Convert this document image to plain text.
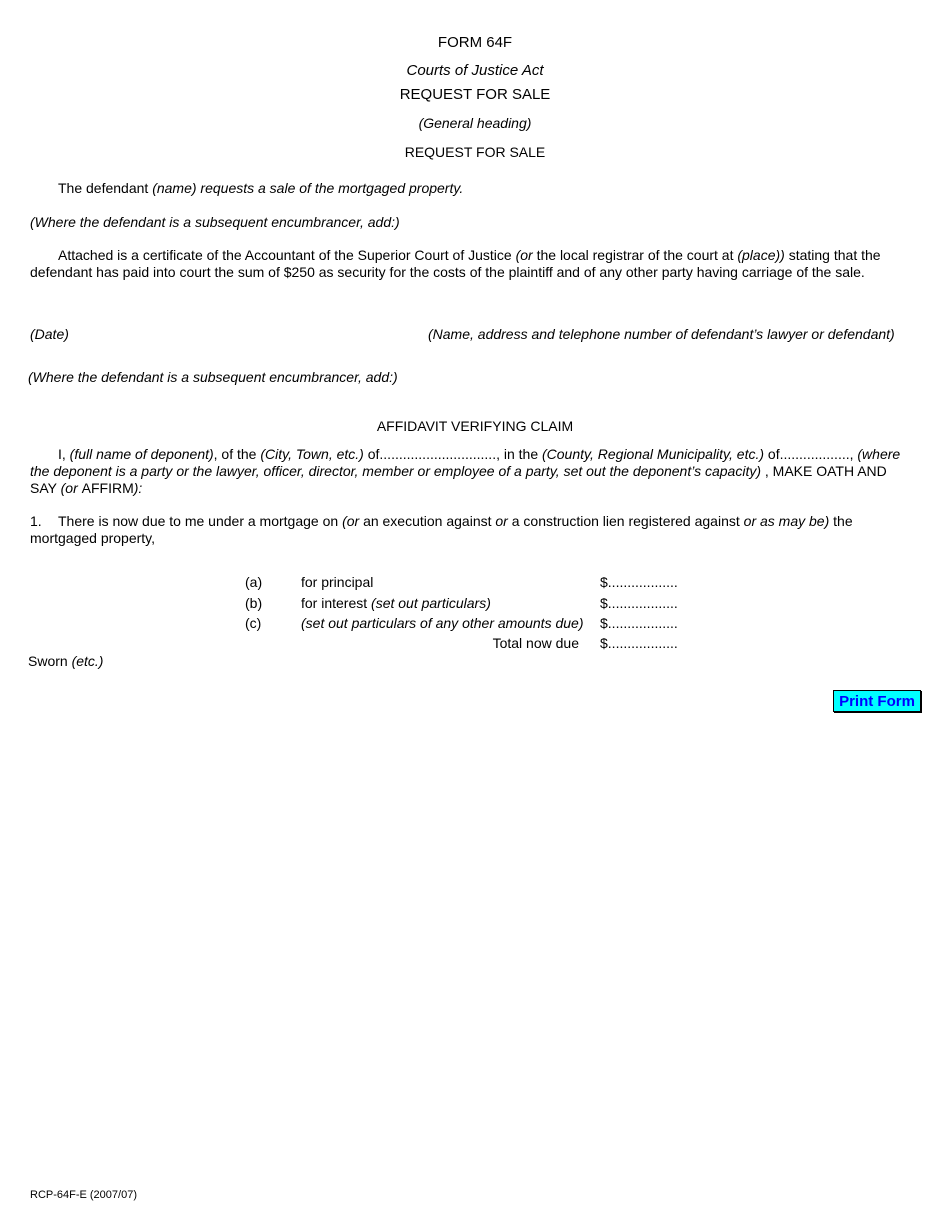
FORM 64F
Courts of Justice Act
REQUEST FOR SALE
(General heading)
REQUEST FOR SALE
The defendant (name) requests a sale of the mortgaged property.
(Where the defendant is a subsequent encumbrancer, add:)
Attached is a certificate of the Accountant of the Superior Court of Justice (or the local registrar of the court at (place)) stating that the defendant has paid into court the sum of $250 as security for the costs of the plaintiff and of any other party having carriage of the sale.
(Date)	(Name, address and telephone number of defendant’s lawyer or defendant)
(Where the defendant is a subsequent encumbrancer, add:)
AFFIDAVIT VERIFYING CLAIM
I, (full name of deponent), of the (City, Town, etc.) of.............................., in the (County, Regional Municipality, etc.) of.................., (where the deponent is a party or the lawyer, officer, director, member or employee of a party, set out the deponent’s capacity) , MAKE OATH AND SAY (or AFFIRM):
1. There is now due to me under a mortgage on (or an execution against or a construction lien registered against or as may be) the mortgaged property,
(a)	for principal	$..................
(b)	for interest (set out particulars)	$..................
(c)	(set out particulars of any other amounts due) $..................
Total now due $..................
Sworn (etc.)
Print Form
RCP-64F-E (2007/07)
